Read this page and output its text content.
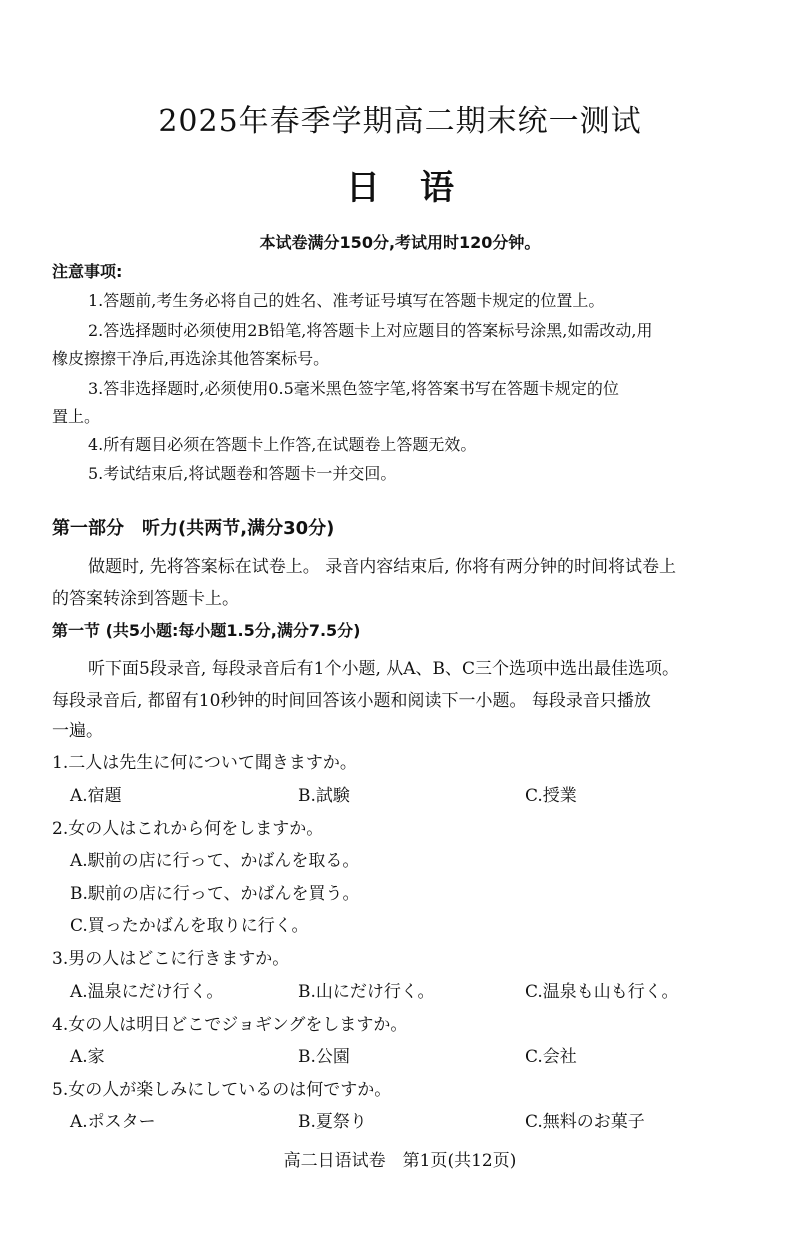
2025年春季学期高二期末统一测试
日语
本试卷满分150分,考试用时120分钟。
注意事项:
1.答题前,考生务必将自己的姓名、准考证号填写在答题卡规定的位置上。
2.答选择题时必须使用2B铅笔,将答题卡上对应题目的答案标号涂黑,如需改动,用
橡皮擦擦干净后,再选涂其他答案标号。
3.答非选择题时,必须使用0.5毫米黑色签字笔,将答案书写在答题卡规定的位
置上。
4.所有题目必须在答题卡上作答,在试题卷上答题无效。
5.考试结束后,将试题卷和答题卡一并交回。
第一部分　听力(共两节,满分30分)
做题时, 先将答案标在试卷上。 录音内容结束后, 你将有两分钟的时间将试卷上
的答案转涂到答题卡上。
第一节 (共5小题:每小题1.5分,满分7.5分)
听下面5段录音, 每段录音后有1个小题, 从A、B、C三个选项中选出最佳选项。
每段录音后, 都留有10秒钟的时间回答该小题和阅读下一小题。 每段录音只播放
一遍。
1.二人は先生に何について聞きますか。
A.宿題	B.試験	C.授業
2.女の人はこれから何をしますか。
A.駅前の店に行って、かばんを取る。
B.駅前の店に行って、かばんを買う。
C.買ったかばんを取りに行く。
3.男の人はどこに行きますか。
A.温泉にだけ行く。	B.山にだけ行く。	C.温泉も山も行く。
4.女の人は明日どこでジョギングをしますか。
A.家	B.公園	C.会社
5.女の人が楽しみにしているのは何ですか。
A.ポスター	B.夏祭り	C.無料のお菓子
高二日语试卷　第1页(共12页)
